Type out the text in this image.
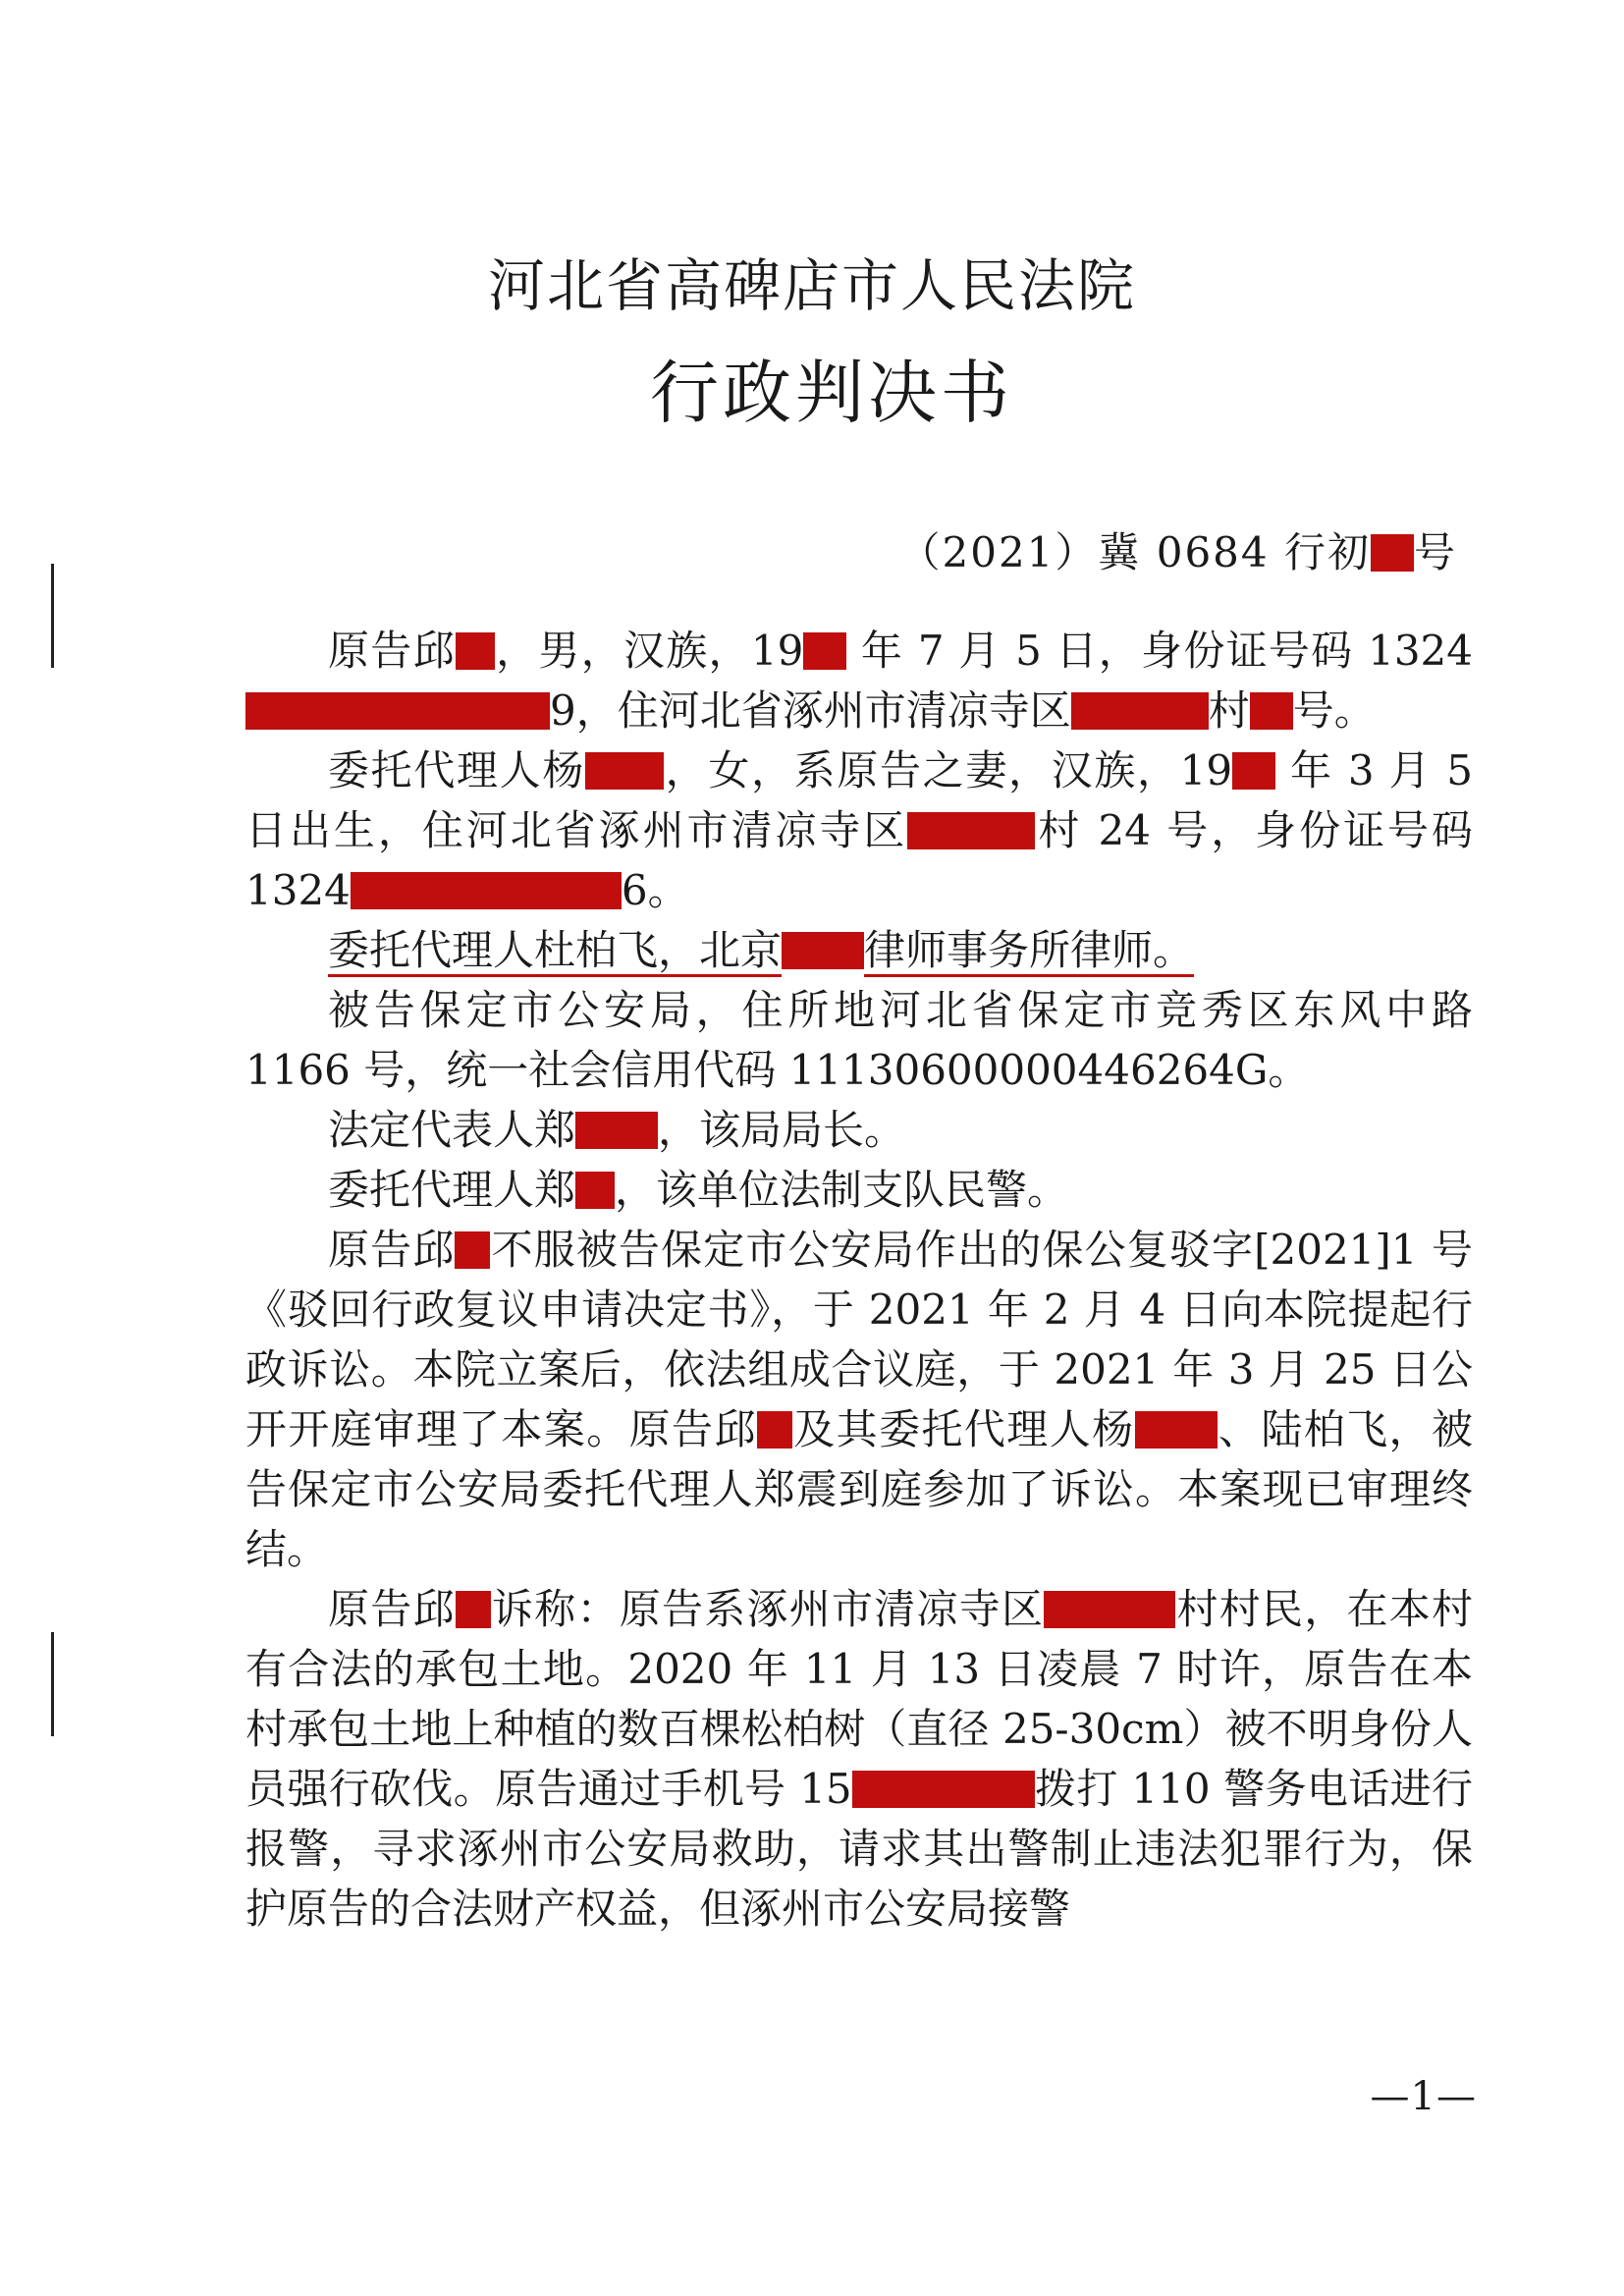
河北省高碑店市人民法院
行政判决书
（2021）冀 0684 行初 号

原告邱 ，男，汉族，19 年 7 月 5 日，身份证号码 13249，住河北省涿州市清凉寺区	村 号。

委托代理人杨 ，女，系原告之妻，汉族，19 年 3 月 5 日出生，住河北省涿州市清凉寺区	村 24 号，身份证号码 1324	6。

委托代理人杜柏飞，北京 律师事务所律师。

被告保定市公安局，住所地河北省保定市竞秀区东风中路 1166 号，统一社会信用代码 11130600000446264G。

法定代表人郑 ，该局局长。

委托代理人郑 ，该单位法制支队民警。

原告邱 不服被告保定市公安局作出的保公复驳字[2021]1 号《驳回行政复议申请决定书》，于 2021 年 2 月 4 日向本院提起行政诉讼。本院立案后，依法组成合议庭，于 2021 年 3 月 25 日公开开庭审理了本案。原告邱 及其委托代理人杨 、陆柏飞，被告保定市公安局委托代理人郑震到庭参加了诉讼。本案现已审理终结。

原告邱 诉称：原告系涿州市清凉寺区	村村民，在本村有合法的承包土地。2020 年 11 月 13 日凌晨 7 时许，原告在本村承包土地上种植的数百棵松柏树（直径 25-30cm）被不明身份人员强行砍伐。原告通过手机号 15	拨打 110 警务电话进行报警，寻求涿州市公安局救助，请求其出警制止违法犯罪行为，保护原告的合法财产权益，但涿州市公安局接警

—1—
